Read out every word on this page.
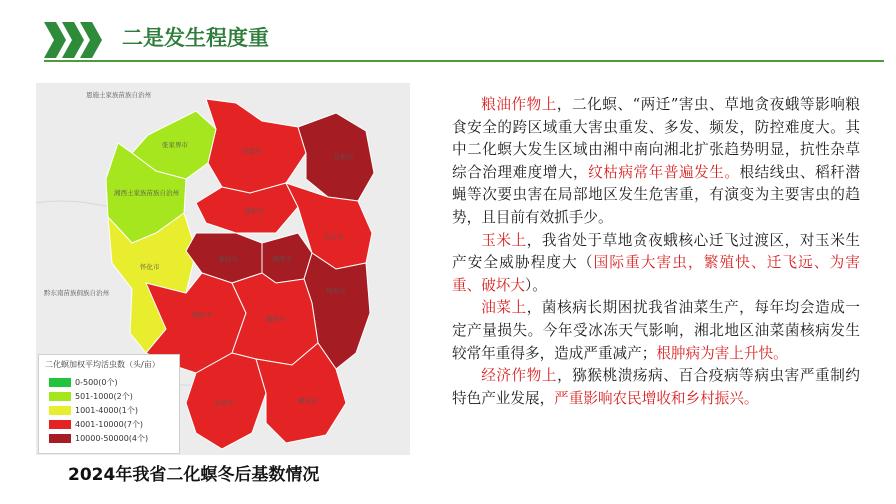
二是发生程度重
恩施土家族苗族自治州
张家界市
常德市
岳阳市
湘西土家族苗族自治州
益阳市
怀化市
娄底市	湘潭市
长沙市
邵阳市	衡阳市
株洲市
永州市	郴州市
黔东南苗族侗族自治州
二化螟加权平均活虫数（头/亩）
0-500(0个)
501-1000(2个)
1001-4000(1个)
4001-10000(7个)
10000-50000(4个)
2024年我省二化螟冬后基数情况

粮油作物上，二化螟、“两迁”害虫、草地贪夜蛾等影响粮食安全的跨区域重大害虫重发、多发、频发，防控难度大。其中二化螟大发生区域由湘中南向湘北扩张趋势明显，抗性杂草综合治理难度增大，纹枯病常年普遍发生。根结线虫、稻秆潜蝇等次要虫害在局部地区发生危害重，有演变为主要害虫的趋势，且目前有效抓手少。

玉米上，我省处于草地贪夜蛾核心迁飞过渡区，对玉米生产安全威胁程度大（国际重大害虫，繁殖快、迁飞远、为害重、破坏大）。

油菜上，菌核病长期困扰我省油菜生产，每年均会造成一定产量损失。今年受冰冻天气影响，湘北地区油菜菌核病发生较常年重得多，造成严重减产；根肿病为害上升快。

经济作物上，猕猴桃溃疡病、百合疫病等病虫害严重制约特色产业发展，严重影响农民增收和乡村振兴。
